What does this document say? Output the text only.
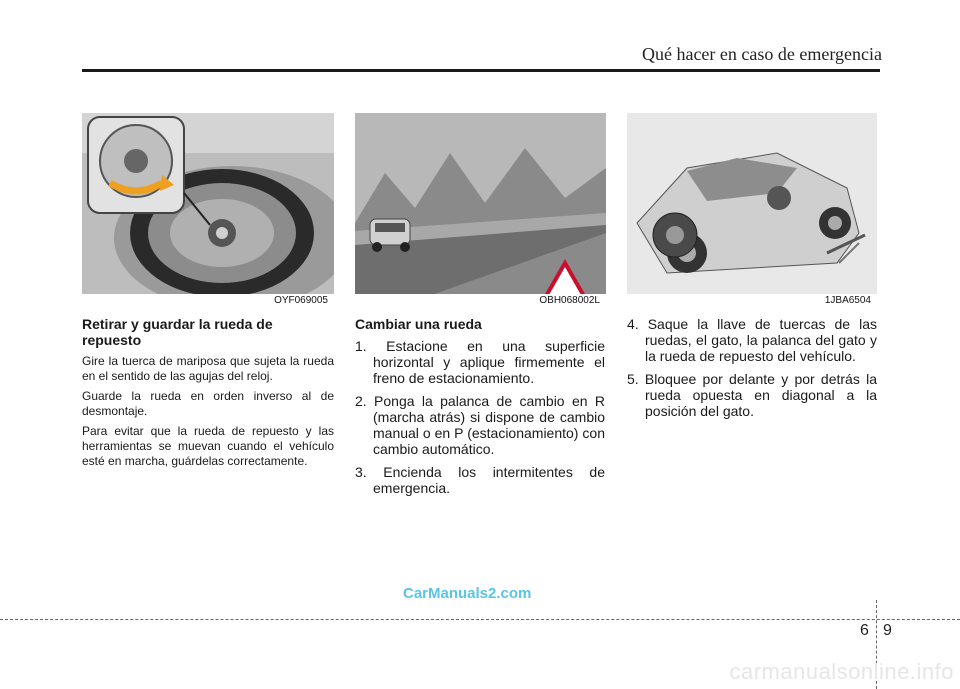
Qué hacer en caso de emergencia
OYF069005	OBH068002L	1JBA6504
Retirar y guardar la rueda de repuesto

Gire la tuerca de mariposa que sujeta la rueda en el sentido de las agujas del reloj.

Guarde la rueda en orden inverso al de desmontaje.

Para evitar que la rueda de repuesto y las herramientas se muevan cuando el vehículo esté en marcha, guárdelas correctamente.

Cambiar una rueda

1. Estacione en una superficie horizontal y aplique firmemente el freno de estacionamiento.

2. Ponga la palanca de cambio en R (marcha atrás) si dispone de cambio manual o en P (estacionamiento) con cambio automático.

3. Encienda los intermitentes de emergencia.

4. Saque la llave de tuercas de las ruedas, el gato, la palanca del gato y la rueda de repuesto del vehículo.

5. Bloquee por delante y por detrás la rueda opuesta en diagonal a la posición del gato.

CarManuals2.com
6 9
carmanualsonline.info
